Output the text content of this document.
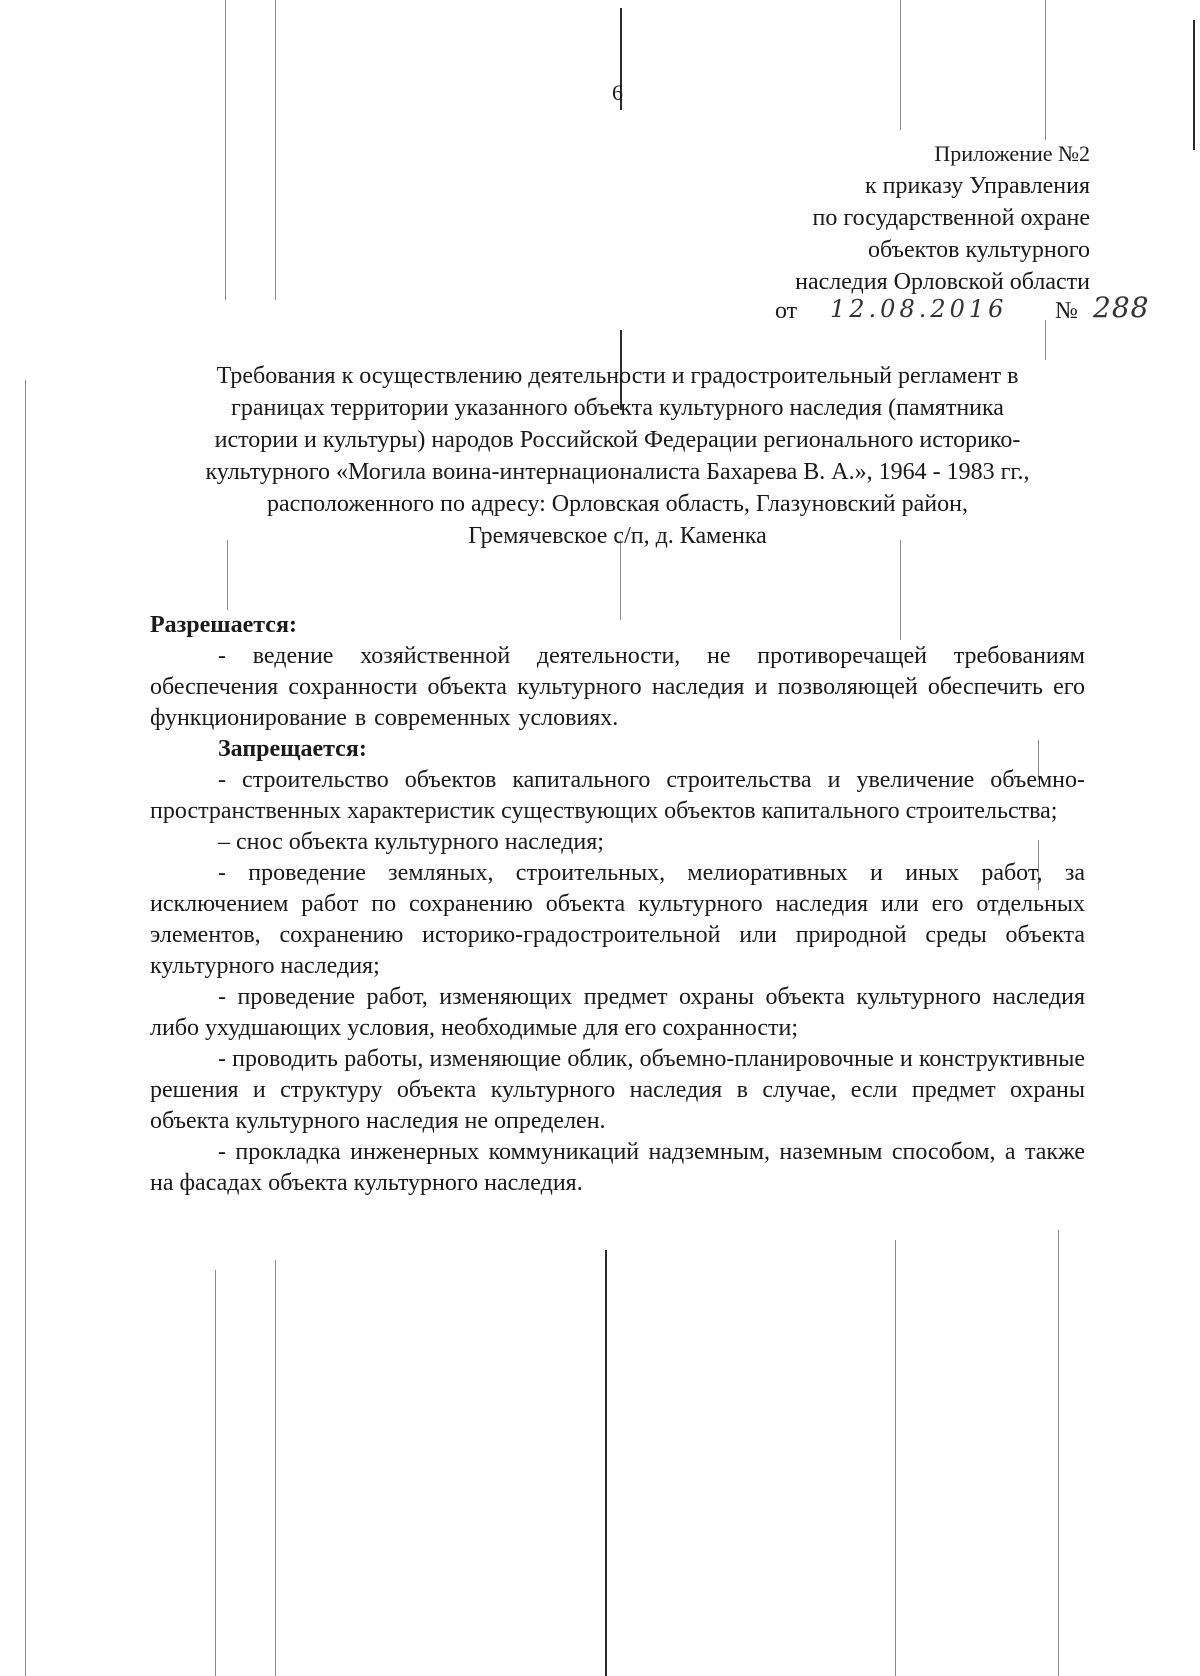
6
Приложение №2
к приказу Управления
по государственной охране
объектов культурного
наследия Орловской области
от 12.08.2016 № 288
Требования к осуществлению деятельности и градостроительный регламент в
границах территории указанного объекта культурного наследия (памятника
истории и культуры) народов Российской Федерации регионального историко-
культурного «Могила воина-интернационалиста Бахарева В. А.», 1964 - 1983 гг.,
расположенного по адресу: Орловская область, Глазуновский район,
Гремячевское с/п, д. Каменка
Разрешается:

- ведение хозяйственной деятельности, не противоречащей требованиям обеспечения сохранности объекта культурного наследия и позволяющей обеспечить его функционирование в современных условиях.

Запрещается:

- строительство объектов капитального строительства и увеличение объемно-пространственных характеристик существующих объектов капитального строительства;

– снос объекта культурного наследия;

- проведение земляных, строительных, мелиоративных и иных работ, за исключением работ по сохранению объекта культурного наследия или его отдельных элементов, сохранению историко-градостроительной или природной среды объекта культурного наследия;

- проведение работ, изменяющих предмет охраны объекта культурного наследия либо ухудшающих условия, необходимые для его сохранности;

- проводить работы, изменяющие облик, объемно-планировочные и конструктивные решения и структуру объекта культурного наследия в случае, если предмет охраны объекта культурного наследия не определен.

- прокладка инженерных коммуникаций надземным, наземным способом, а также на фасадах объекта культурного наследия.
